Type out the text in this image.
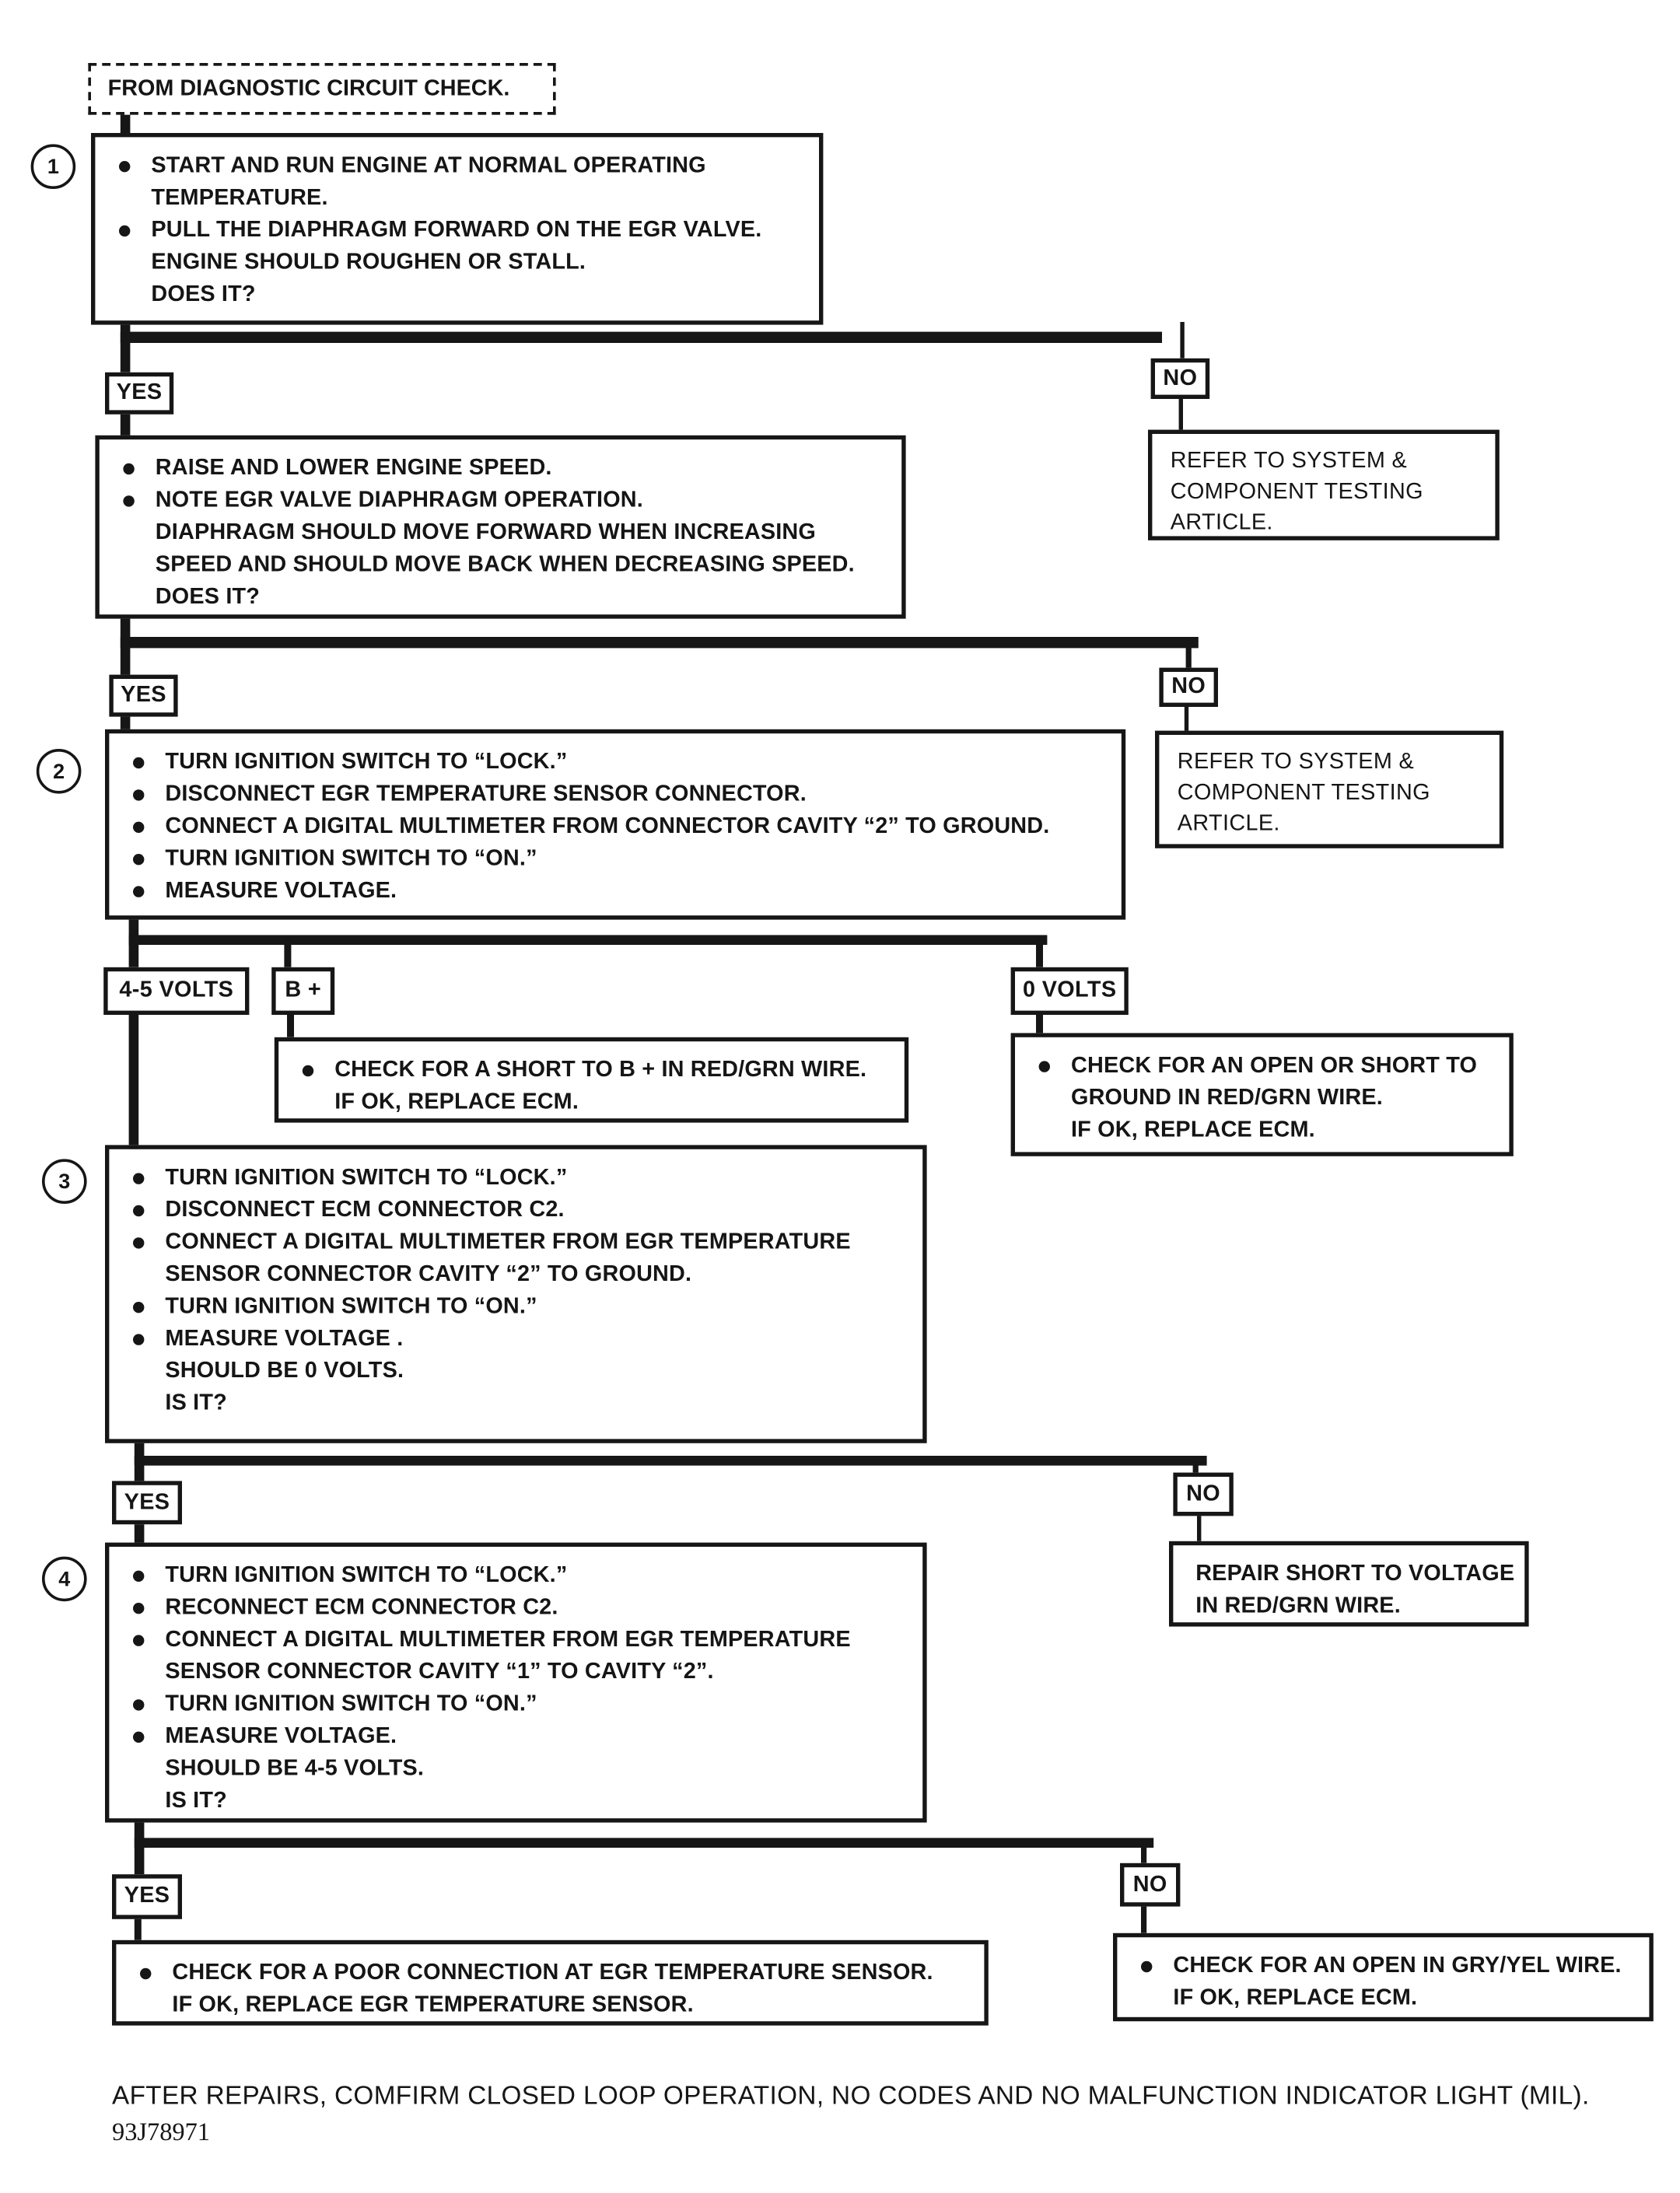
FROM DIAGNOSTIC CIRCUIT CHECK.
1	START AND RUN ENGINE AT NORMAL OPERATING
TEMPERATURE.
PULL THE DIAPHRAGM FORWARD ON THE EGR VALVE.
ENGINE SHOULD ROUGHEN OR STALL.
DOES IT?
NO
REFER TO SYSTEM &
COMPONENT TESTING
ARTICLE.
YES
RAISE AND LOWER ENGINE SPEED.
NOTE EGR VALVE DIAPHRAGM OPERATION.
DIAPHRAGM SHOULD MOVE FORWARD WHEN INCREASING
SPEED AND SHOULD MOVE BACK WHEN DECREASING SPEED.
DOES IT?
NO
REFER TO SYSTEM &
COMPONENT TESTING
ARTICLE.
YES
2	TURN IGNITION SWITCH TO “LOCK.”
DISCONNECT EGR TEMPERATURE SENSOR CONNECTOR.
CONNECT A DIGITAL MULTIMETER FROM CONNECTOR CAVITY “2” TO GROUND.
TURN IGNITION SWITCH TO “ON.”
MEASURE VOLTAGE.
4-5 VOLTS	B +	0 VOLTS
CHECK FOR A SHORT TO B + IN RED/GRN WIRE.
IF OK, REPLACE ECM.
CHECK FOR AN OPEN OR SHORT TO
GROUND IN RED/GRN WIRE.
IF OK, REPLACE ECM.
3	TURN IGNITION SWITCH TO “LOCK.”
DISCONNECT ECM CONNECTOR C2.
CONNECT A DIGITAL MULTIMETER FROM EGR TEMPERATURE
SENSOR CONNECTOR CAVITY “2” TO GROUND.
TURN IGNITION SWITCH TO “ON.”
MEASURE VOLTAGE .
SHOULD BE 0 VOLTS.
IS IT?
NO
REPAIR SHORT TO VOLTAGE
IN RED/GRN WIRE.
YES
4	TURN IGNITION SWITCH TO “LOCK.”
RECONNECT ECM CONNECTOR C2.
CONNECT A DIGITAL MULTIMETER FROM EGR TEMPERATURE
SENSOR CONNECTOR CAVITY “1” TO CAVITY “2”.
TURN IGNITION SWITCH TO “ON.”
MEASURE VOLTAGE.
SHOULD BE 4-5 VOLTS.
IS IT?
NO
CHECK FOR AN OPEN IN GRY/YEL WIRE.
IF OK, REPLACE ECM.
YES
CHECK FOR A POOR CONNECTION AT EGR TEMPERATURE SENSOR.
IF OK, REPLACE EGR TEMPERATURE SENSOR.
AFTER REPAIRS, COMFIRM CLOSED LOOP OPERATION, NO CODES AND NO MALFUNCTION INDICATOR LIGHT (MIL).
93J78971
